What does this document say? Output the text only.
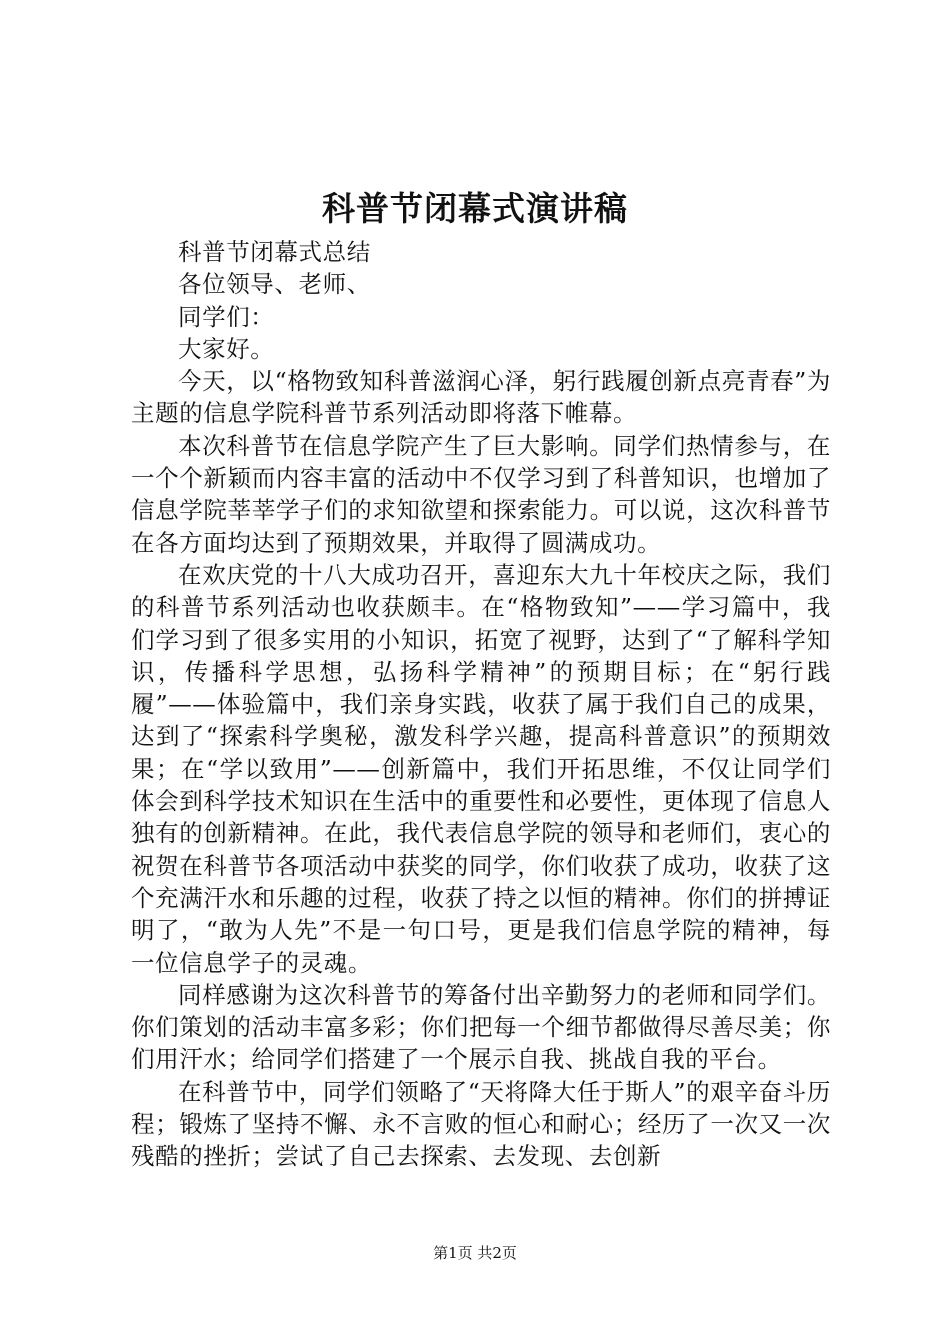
科普节闭幕式演讲稿

科普节闭幕式总结

各位领导、老师、

同学们：

大家好。

今天，以“格物致知科普滋润心泽，躬行践履创新点亮青春”为主题的信息学院科普节系列活动即将落下帷幕。

本次科普节在信息学院产生了巨大影响。同学们热情参与，在一个个新颖而内容丰富的活动中不仅学习到了科普知识，也增加了信息学院莘莘学子们的求知欲望和探索能力。可以说，这次科普节在各方面均达到了预期效果，并取得了圆满成功。

在欢庆党的十八大成功召开，喜迎东大九十年校庆之际，我们的科普节系列活动也收获颇丰。在“格物致知”——学习篇中，我们学习到了很多实用的小知识，拓宽了视野，达到了“了解科学知识，传播科学思想，弘扬科学精神”的预期目标；在“躬行践履”——体验篇中，我们亲身实践，收获了属于我们自己的成果，达到了“探索科学奥秘，激发科学兴趣，提高科普意识”的预期效果；在“学以致用”——创新篇中，我们开拓思维，不仅让同学们体会到科学技术知识在生活中的重要性和必要性，更体现了信息人独有的创新精神。在此，我代表信息学院的领导和老师们，衷心的祝贺在科普节各项活动中获奖的同学，你们收获了成功，收获了这个充满汗水和乐趣的过程，收获了持之以恒的精神。你们的拼搏证明了，“敢为人先”不是一句口号，更是我们信息学院的精神，每一位信息学子的灵魂。

同样感谢为这次科普节的筹备付出辛勤努力的老师和同学们。你们策划的活动丰富多彩；你们把每一个细节都做得尽善尽美；你们用汗水；给同学们搭建了一个展示自我、挑战自我的平台。

在科普节中，同学们领略了“天将降大任于斯人”的艰辛奋斗历程；锻炼了坚持不懈、永不言败的恒心和耐心；经历了一次又一次残酷的挫折；尝试了自己去探索、去发现、去创新

第1页 共2页
